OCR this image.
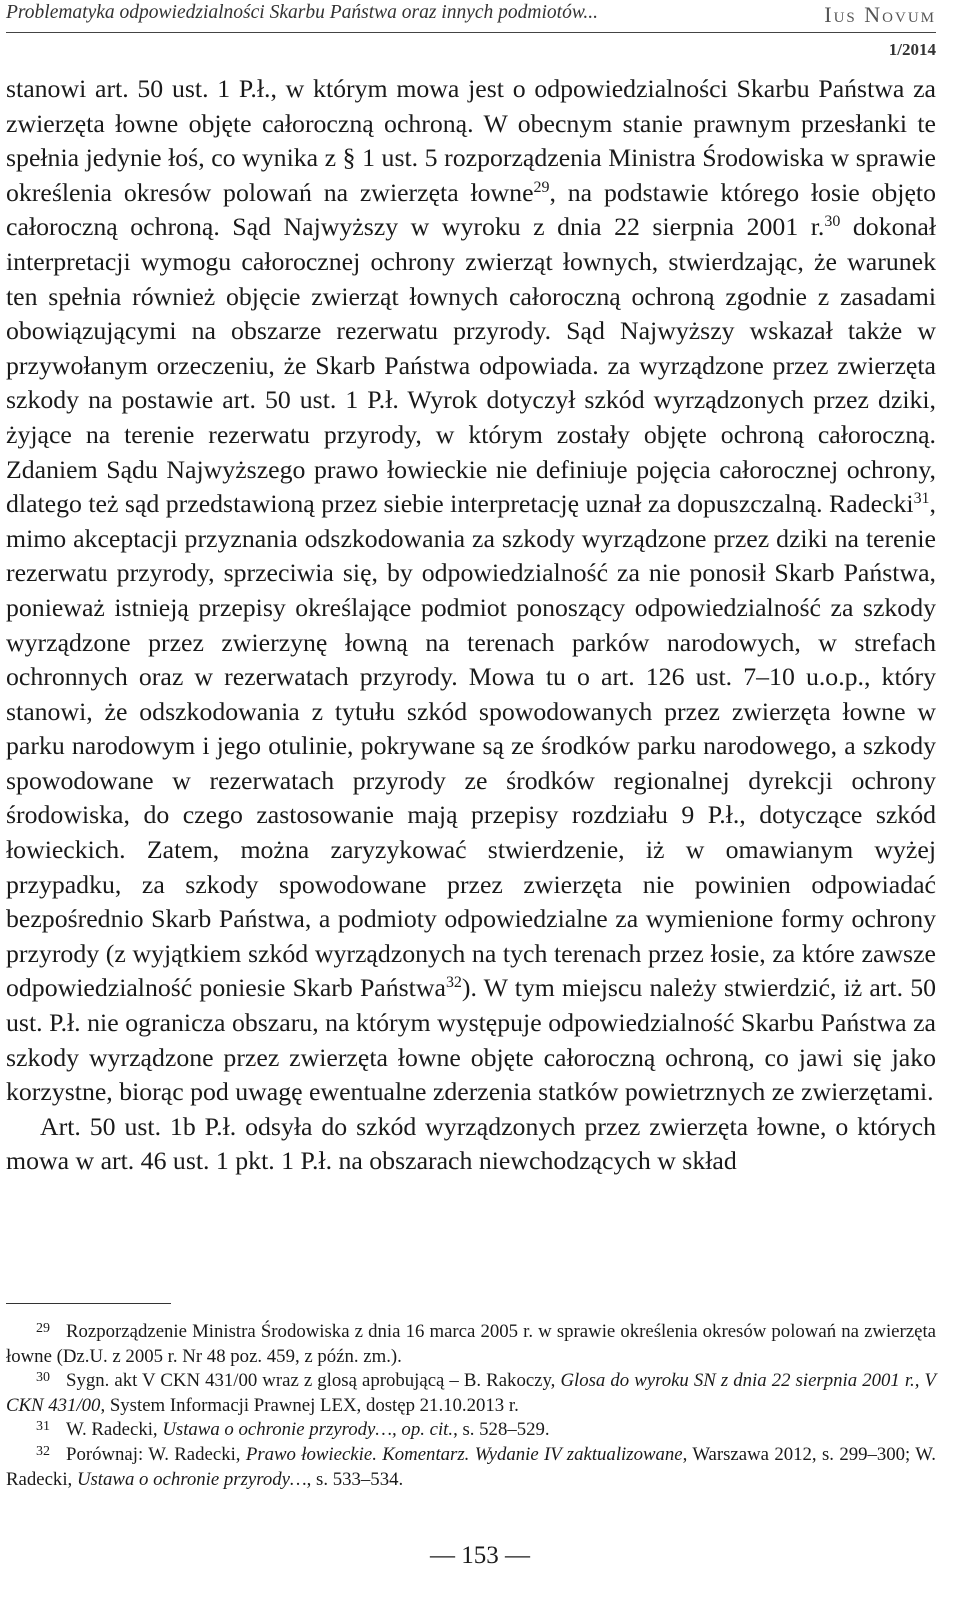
Problematyka odpowiedzialności Skarbu Państwa oraz innych podmiotów...	Ius Novum
1/2014

stanowi art. 50 ust. 1 P.ł., w którym mowa jest o odpowiedzialności Skarbu Państwa za zwierzęta łowne objęte całoroczną ochroną. W obecnym stanie prawnym przesłanki te spełnia jedynie łoś, co wynika z § 1 ust. 5 rozporządzenia Ministra Środowiska w sprawie określenia okresów polowań na zwierzęta łowne$^{29}$, na podstawie którego łosie objęto całoroczną ochroną. Sąd Najwyższy w wyroku z dnia 22 sierpnia 2001 r.$^{30}$ dokonał interpretacji wymogu całorocznej ochrony zwierząt łownych, stwierdzając, że warunek ten spełnia również objęcie zwierząt łownych całoroczną ochroną zgodnie z zasadami obowiązującymi na obszarze rezerwatu przyrody. Sąd Najwyższy wskazał także w przywołanym orzeczeniu, że Skarb Państwa odpowiada. za wyrządzone przez zwierzęta szkody na postawie art. 50 ust. 1 P.ł. Wyrok dotyczył szkód wyrządzonych przez dziki, żyjące na terenie rezerwatu przyrody, w którym zostały objęte ochroną całoroczną. Zdaniem Sądu Najwyższego prawo łowieckie nie definiuje pojęcia całorocznej ochrony, dlatego też sąd przedstawioną przez siebie interpretację uznał za dopuszczalną. Radecki$^{31}$, mimo akceptacji przyznania odszkodowania za szkody wyrządzone przez dziki na terenie rezerwatu przyrody, sprzeciwia się, by odpowiedzialność za nie ponosił Skarb Państwa, ponieważ istnieją przepisy określające podmiot ponoszący odpowiedzialność za szkody wyrządzone przez zwierzynę łowną na terenach parków narodowych, w strefach ochronnych oraz w rezerwatach przyrody. Mowa tu o art. 126 ust. 7–10 u.o.p., który stanowi, że odszkodowania z tytułu szkód spowodowanych przez zwierzęta łowne w parku narodowym i jego otulinie, pokrywane są ze środków parku narodowego, a szkody spowodowane w rezerwatach przyrody ze środków regionalnej dyrekcji ochrony środowiska, do czego zastosowanie mają przepisy rozdziału 9 P.ł., dotyczące szkód łowieckich. Zatem, można zaryzykować stwierdzenie, iż w omawianym wyżej przypadku, za szkody spowodowane przez zwierzęta nie powinien odpowiadać bezpośrednio Skarb Państwa, a podmioty odpowiedzialne za wymienione formy ochrony przyrody (z wyjątkiem szkód wyrządzonych na tych terenach przez łosie, za które zawsze odpowiedzialność poniesie Skarb Państwa$^{32}$). W tym miejscu należy stwierdzić, iż art. 50 ust. P.ł. nie ogranicza obszaru, na którym występuje odpowiedzialność Skarbu Państwa za szkody wyrządzone przez zwierzęta łowne objęte całoroczną ochroną, co jawi się jako korzystne, biorąc pod uwagę ewentualne zderzenia statków powietrznych ze zwierzętami.

Art. 50 ust. 1b P.ł. odsyła do szkód wyrządzonych przez zwierzęta łowne, o których mowa w art. 46 ust. 1 pkt. 1 P.ł. na obszarach niewchodzących w skład

29 Rozporządzenie Ministra Środowiska z dnia 16 marca 2005 r. w sprawie określenia okresów polowań na zwierzęta łowne (Dz.U. z 2005 r. Nr 48 poz. 459, z późn. zm.).

30 Sygn. akt V CKN 431/00 wraz z glosą aprobującą – B. Rakoczy, Glosa do wyroku SN z dnia 22 sierpnia 2001 r., V CKN 431/00, System Informacji Prawnej LEX, dostęp 21.10.2013 r.

31 W. Radecki, Ustawa o ochronie przyrody…, op. cit., s. 528–529.

32 Porównaj: W. Radecki, Prawo łowieckie. Komentarz. Wydanie IV zaktualizowane, Warszawa 2012, s. 299–300; W. Radecki, Ustawa o ochronie przyrody…, s. 533–534.

— 153 —
